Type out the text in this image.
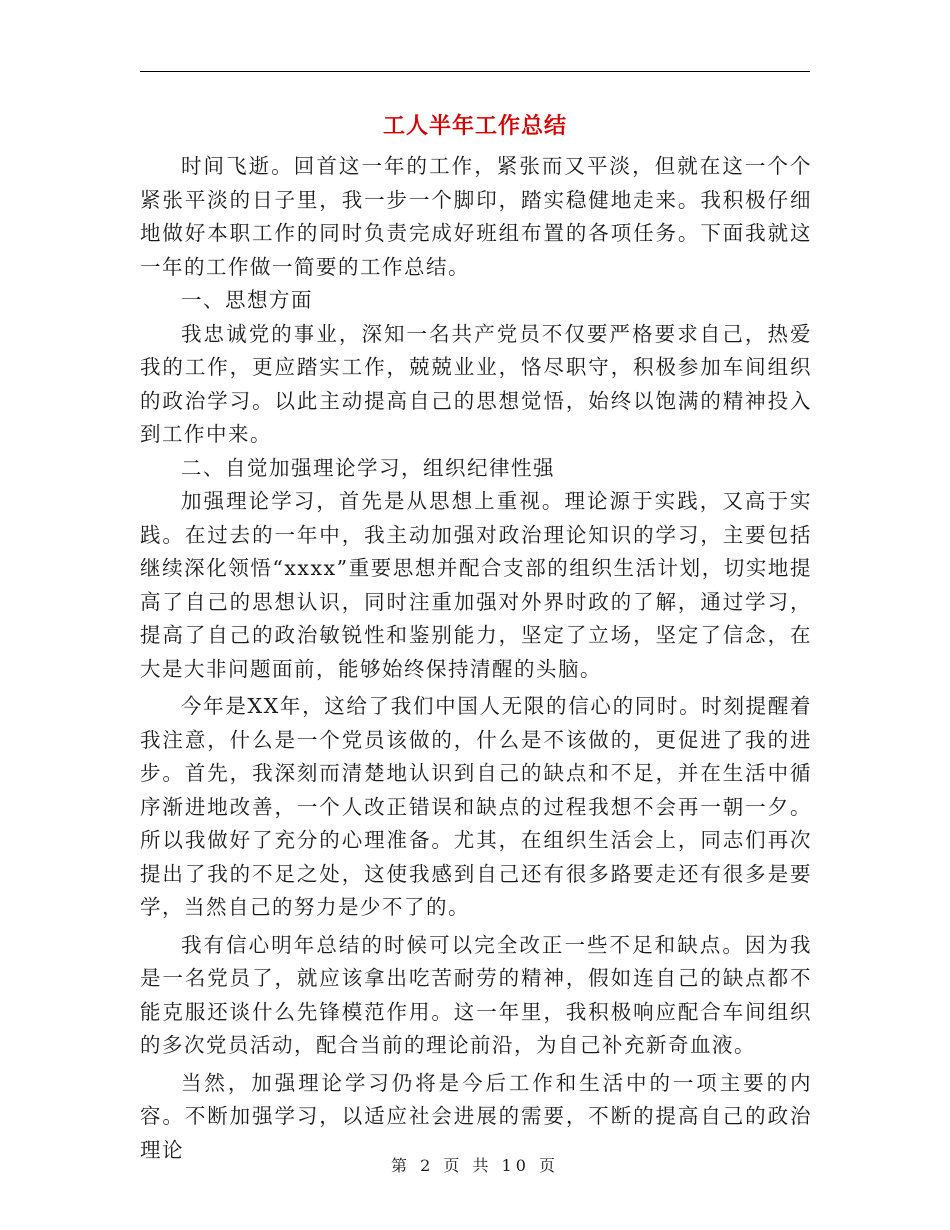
工人半年工作总结

时间飞逝。回首这一年的工作，紧张而又平淡，但就在这一个个紧张平淡的日子里，我一步一个脚印，踏实稳健地走来。我积极仔细地做好本职工作的同时负责完成好班组布置的各项任务。下面我就这一年的工作做一简要的工作总结。

一、思想方面

我忠诚党的事业，深知一名共产党员不仅要严格要求自己，热爱我的工作，更应踏实工作，兢兢业业，恪尽职守，积极参加车间组织的政治学习。以此主动提高自己的思想觉悟，始终以饱满的精神投入到工作中来。

二、自觉加强理论学习，组织纪律性强

加强理论学习，首先是从思想上重视。理论源于实践，又高于实践。在过去的一年中，我主动加强对政治理论知识的学习，主要包括继续深化领悟“xxxx”重要思想并配合支部的组织生活计划，切实地提高了自己的思想认识，同时注重加强对外界时政的了解，通过学习，提高了自己的政治敏锐性和鉴别能力，坚定了立场，坚定了信念，在大是大非问题面前，能够始终保持清醒的头脑。

今年是XX年，这给了我们中国人无限的信心的同时。时刻提醒着我注意，什么是一个党员该做的，什么是不该做的，更促进了我的进步。首先，我深刻而清楚地认识到自己的缺点和不足，并在生活中循序渐进地改善，一个人改正错误和缺点的过程我想不会再一朝一夕。所以我做好了充分的心理准备。尤其，在组织生活会上，同志们再次提出了我的不足之处，这使我感到自己还有很多路要走还有很多是要学，当然自己的努力是少不了的。

我有信心明年总结的时候可以完全改正一些不足和缺点。因为我是一名党员了，就应该拿出吃苦耐劳的精神，假如连自己的缺点都不能克服还谈什么先锋模范作用。这一年里，我积极响应配合车间组织的多次党员活动，配合当前的理论前沿，为自己补充新奇血液。

当然，加强理论学习仍将是今后工作和生活中的一项主要的内容。不断加强学习，以适应社会进展的需要，不断的提高自己的政治理论

第 2 页 共 10 页
